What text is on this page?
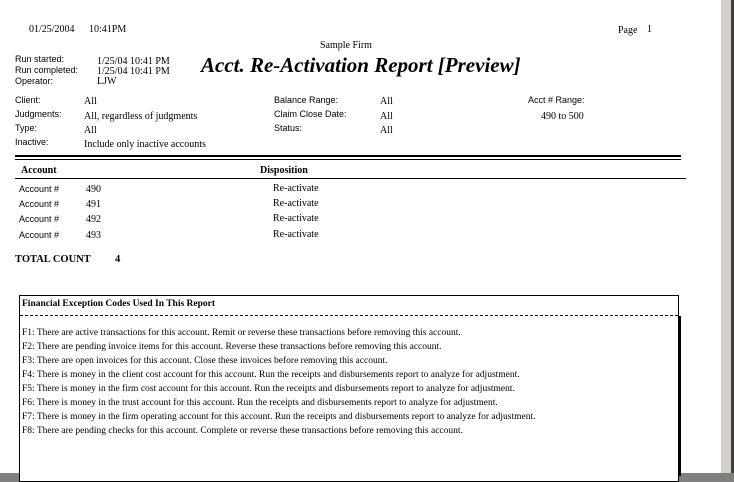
01/25/2004 10:41PM	Page 1
Sample Firm
Run started:	1/25/04 10:41 PM
Run completed: 1/25/04 10:41 PM
Operator:	LJW
Acct. Re-Activation Report [Preview]
Client:	All
Judgments: All, regardless of judgments
Type:	All
Inactive:	Include only inactive accounts
Balance Range:	All
Claim Close Date:	All
Status:	All
Acct # Range:
490 to 500
Account	Disposition
Account #	490	Re-activate
Account #	491	Re-activate
Account #	492	Re-activate
Account #	493	Re-activate
TOTAL COUNT 4
Financial Exception Codes Used In This Report
F1: There are active transactions for this account. Remit or reverse these transactions before removing this account.
F2: There are pending invoice items for this account. Reverse these transactions before removing this account.
F3: There are open invoices for this account. Close these invoices before removing this account.
F4: There is money in the client cost account for this account. Run the receipts and disbursements report to analyze for adjustment.
F5: There is money in the firm cost account for this account. Run the receipts and disbursements report to analyze for adjustment.
F6: There is money in the trust account for this account. Run the receipts and disbursements report to analyze for adjustment.
F7: There is money in the firm operating account for this account. Run the receipts and disbursements report to analyze for adjustment.
F8: There are pending checks for this account. Complete or reverse these transactions before removing this account.
